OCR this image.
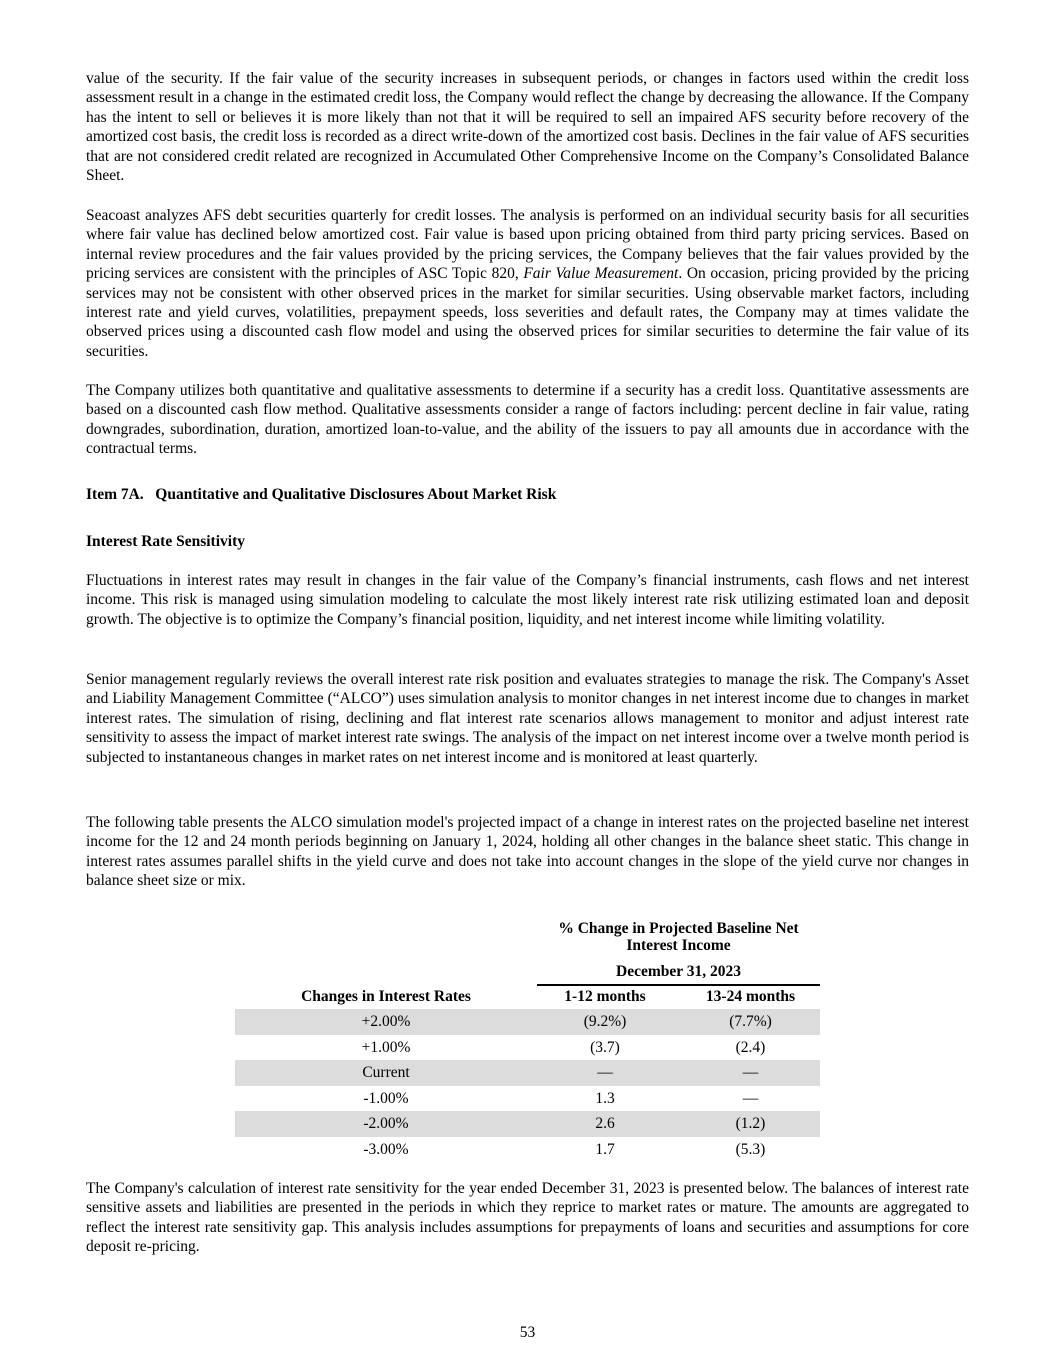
value of the security. If the fair value of the security increases in subsequent periods, or changes in factors used within the credit loss assessment result in a change in the estimated credit loss, the Company would reflect the change by decreasing the allowance. If the Company has the intent to sell or believes it is more likely than not that it will be required to sell an impaired AFS security before recovery of the amortized cost basis, the credit loss is recorded as a direct write-down of the amortized cost basis. Declines in the fair value of AFS securities that are not considered credit related are recognized in Accumulated Other Comprehensive Income on the Company’s Consolidated Balance Sheet.

Seacoast analyzes AFS debt securities quarterly for credit losses. The analysis is performed on an individual security basis for all securities where fair value has declined below amortized cost. Fair value is based upon pricing obtained from third party pricing services. Based on internal review procedures and the fair values provided by the pricing services, the Company believes that the fair values provided by the pricing services are consistent with the principles of ASC Topic 820, Fair Value Measurement. On occasion, pricing provided by the pricing services may not be consistent with other observed prices in the market for similar securities. Using observable market factors, including interest rate and yield curves, volatilities, prepayment speeds, loss severities and default rates, the Company may at times validate the observed prices using a discounted cash flow model and using the observed prices for similar securities to determine the fair value of its securities.

The Company utilizes both quantitative and qualitative assessments to determine if a security has a credit loss. Quantitative assessments are based on a discounted cash flow method. Qualitative assessments consider a range of factors including: percent decline in fair value, rating downgrades, subordination, duration, amortized loan-to-value, and the ability of the issuers to pay all amounts due in accordance with the contractual terms.

Item 7A.   Quantitative and Qualitative Disclosures About Market Risk

Interest Rate Sensitivity

Fluctuations in interest rates may result in changes in the fair value of the Company’s financial instruments, cash flows and net interest income. This risk is managed using simulation modeling to calculate the most likely interest rate risk utilizing estimated loan and deposit growth. The objective is to optimize the Company’s financial position, liquidity, and net interest income while limiting volatility.

Senior management regularly reviews the overall interest rate risk position and evaluates strategies to manage the risk. The Company's Asset and Liability Management Committee (“ALCO”) uses simulation analysis to monitor changes in net interest income due to changes in market interest rates. The simulation of rising, declining and flat interest rate scenarios allows management to monitor and adjust interest rate sensitivity to assess the impact of market interest rate swings. The analysis of the impact on net interest income over a twelve month period is subjected to instantaneous changes in market rates on net interest income and is monitored at least quarterly.

The following table presents the ALCO simulation model's projected impact of a change in interest rates on the projected baseline net interest income for the 12 and 24 month periods beginning on January 1, 2024, holding all other changes in the balance sheet static. This change in interest rates assumes parallel shifts in the yield curve and does not take into account changes in the slope of the yield curve nor changes in balance sheet size or mix.

% Change in Projected Baseline Net Interest Income
December 31, 2023
Changes in Interest Rates	1-12 months	13-24 months
+2.00%	(9.2%)	(7.7%)
+1.00%	(3.7)	(2.4)
Current	—	—
-1.00%	1.3	—
-2.00%	2.6	(1.2)
-3.00%	1.7	(5.3)

The Company's calculation of interest rate sensitivity for the year ended December 31, 2023 is presented below. The balances of interest rate sensitive assets and liabilities are presented in the periods in which they reprice to market rates or mature. The amounts are aggregated to reflect the interest rate sensitivity gap. This analysis includes assumptions for prepayments of loans and securities and assumptions for core deposit re-pricing.

53
